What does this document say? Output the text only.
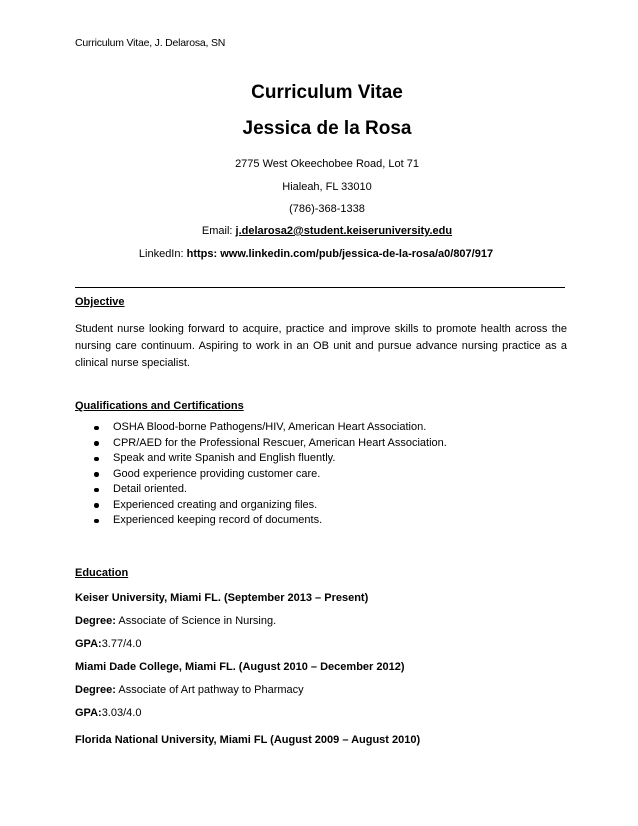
Curriculum Vitae, J. Delarosa, SN
Curriculum Vitae
Jessica de la Rosa
2775 West Okeechobee Road, Lot 71
Hialeah, FL 33010
(786)-368-1338
Email: j.delarosa2@student.keiseruniversity.edu
LinkedIn: https: www.linkedin.com/pub/jessica-de-la-rosa/a0/807/917
Objective
Student nurse looking forward to acquire, practice and improve skills to promote health across the nursing care continuum. Aspiring to work in an OB unit and pursue advance nursing practice as a clinical nurse specialist.
Qualifications and Certifications
OSHA Blood-borne Pathogens/HIV, American Heart Association.
CPR/AED for the Professional Rescuer, American Heart Association.
Speak and write Spanish and English fluently.
Good experience providing customer care.
Detail oriented.
Experienced creating and organizing files.
Experienced keeping record of documents.
Education
Keiser University, Miami FL. (September 2013 – Present)
Degree: Associate of Science in Nursing.
GPA:3.77/4.0
Miami Dade College, Miami FL. (August 2010 – December 2012)
Degree: Associate of Art pathway to Pharmacy
GPA:3.03/4.0
Florida National University, Miami FL (August 2009 – August 2010)
